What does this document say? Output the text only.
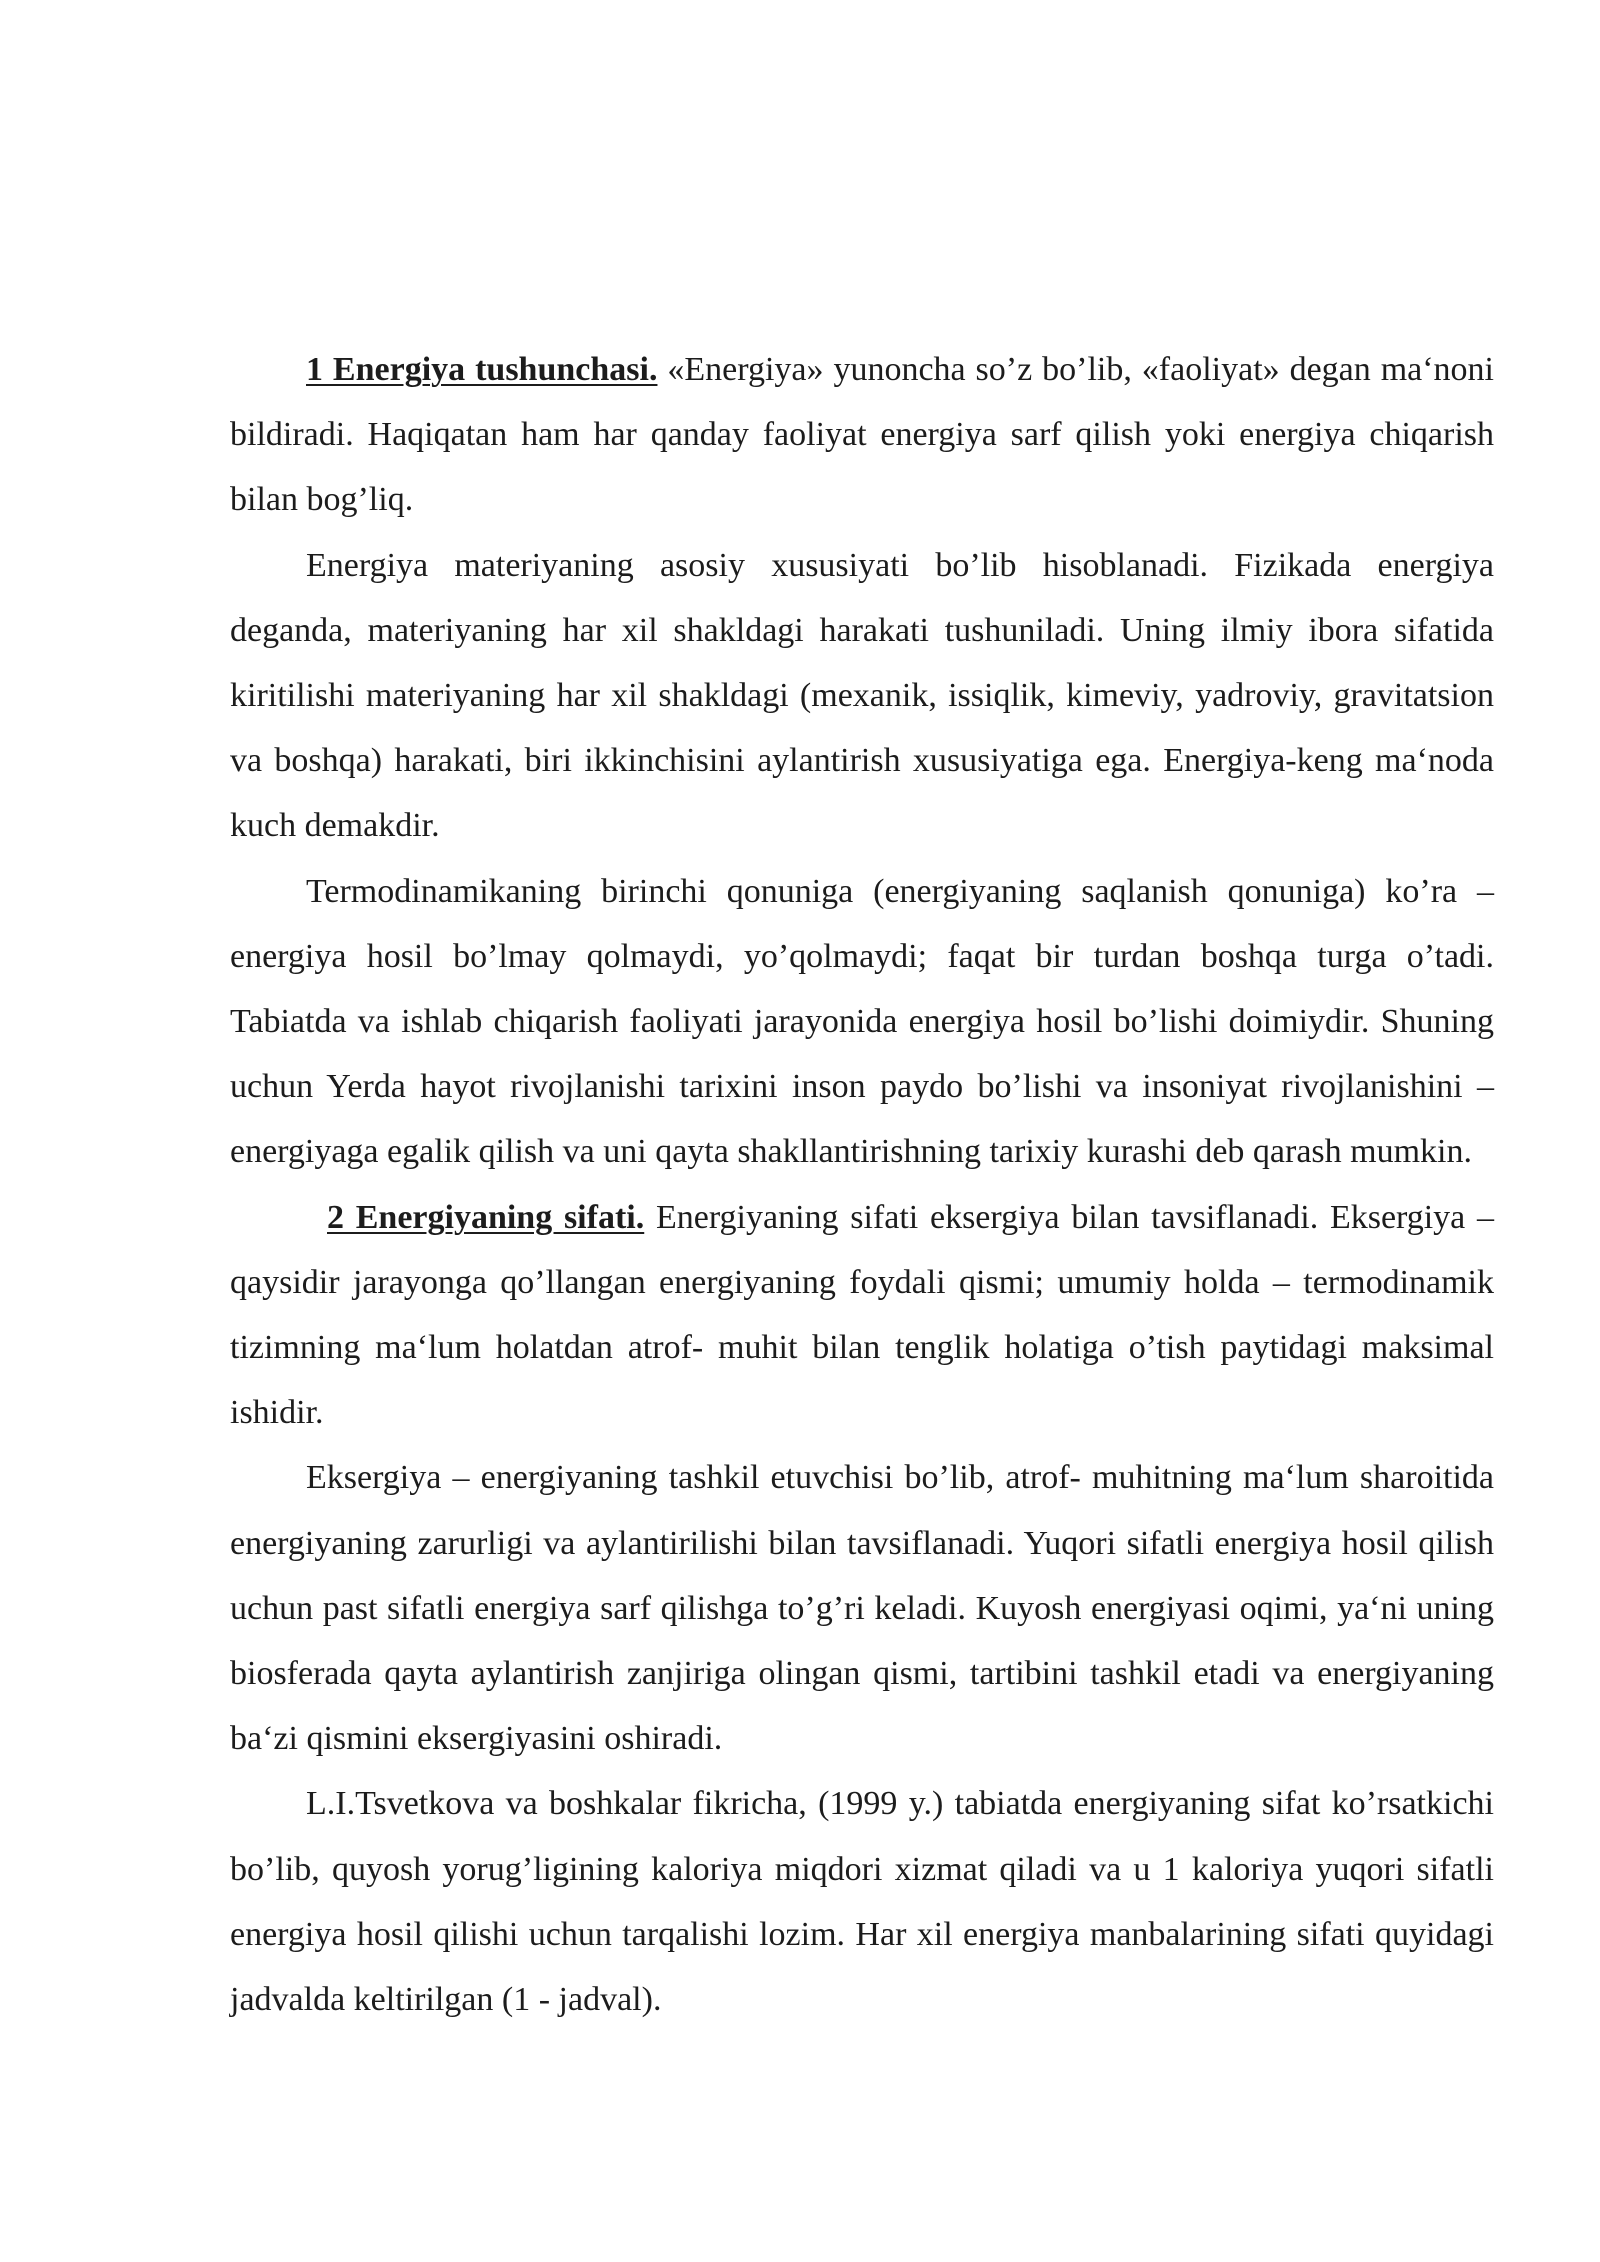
1 Energiya tushunchasi. «Energiya» yunoncha so’z bo’lib, «faoliyat» degan ma‘noni bildiradi. Haqiqatan ham har qanday faoliyat energiya sarf qilish yoki energiya chiqarish bilan bog’liq.

Energiya materiyaning asosiy xususiyati bo’lib hisoblanadi. Fizikada energiya deganda, materiyaning har xil shakldagi harakati tushuniladi. Uning ilmiy ibora sifatida kiritilishi materiyaning har xil shakldagi (mexanik, issiqlik, kimeviy, yadroviy, gravitatsion va boshqa) harakati, biri ikkinchisini aylantirish xususiyatiga ega. Energiya-keng ma‘noda kuch demakdir.

Termodinamikaning birinchi qonuniga (energiyaning saqlanish qonuniga) ko’ra – energiya hosil bo’lmay qolmaydi, yo’qolmaydi; faqat bir turdan boshqa turga o’tadi. Tabiatda va ishlab chiqarish faoliyati jarayonida energiya hosil bo’lishi doimiydir. Shuning uchun Yerda hayot rivojlanishi tarixini inson paydo bo’lishi va insoniyat rivojlanishini – energiyaga egalik qilish va uni qayta shakllantirishning tarixiy kurashi deb qarash mumkin.

2 Energiyaning sifati. Energiyaning sifati eksergiya bilan tavsiflanadi. Eksergiya – qaysidir jarayonga qo’llangan energiyaning foydali qismi; umumiy holda – termodinamik tizimning ma‘lum holatdan atrof- muhit bilan tenglik holatiga o’tish paytidagi maksimal ishidir.

Eksergiya – energiyaning tashkil etuvchisi bo’lib, atrof- muhitning ma‘lum sharoitida energiyaning zarurligi va aylantirilishi bilan tavsiflanadi. Yuqori sifatli energiya hosil qilish uchun past sifatli energiya sarf qilishga to’g’ri keladi. Kuyosh energiyasi oqimi, ya‘ni uning biosferada qayta aylantirish zanjiriga olingan qismi, tartibini tashkil etadi va energiyaning ba‘zi qismini eksergiyasini oshiradi.

L.I.Tsvetkova va boshkalar fikricha, (1999 y.) tabiatda energiyaning sifat ko’rsatkichi bo’lib, quyosh yorug’ligining kaloriya miqdori xizmat qiladi va u 1 kaloriya yuqori sifatli energiya hosil qilishi uchun tarqalishi lozim. Har xil energiya manbalarining sifati quyidagi jadvalda keltirilgan (1 - jadval).
